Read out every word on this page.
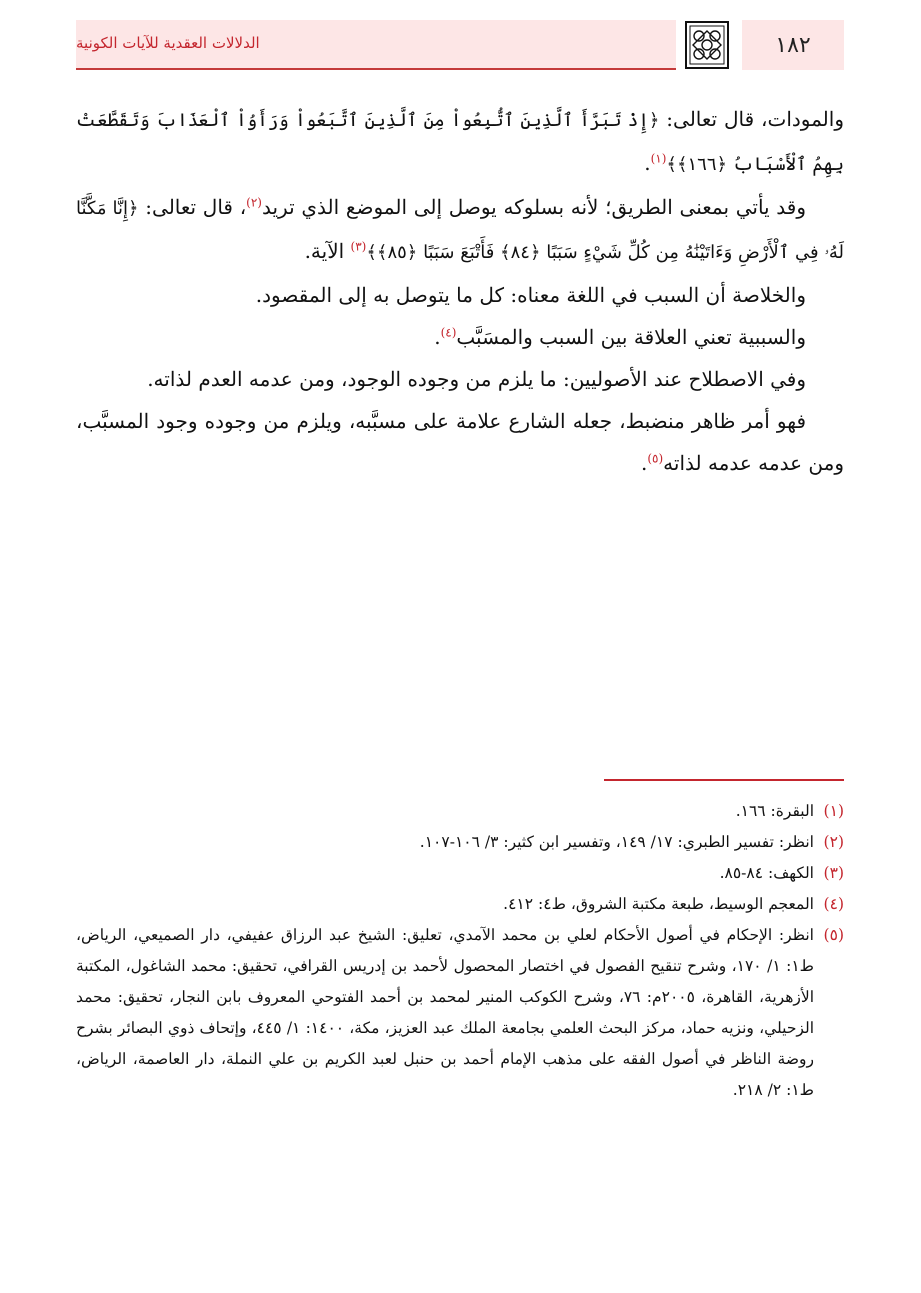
الدلالات العقدية للآيات الكونية	١٨٢

والمودات، قال تعالى: ﴿إِذْ تَبَرَّأَ ٱلَّذِينَ ٱتُّبِعُواْ مِنَ ٱلَّذِينَ ٱتَّبَعُواْ وَرَأَوُاْ ٱلْعَذَابَ وَتَقَطَّعَتْ بِهِمُ ٱلْأَسْبَابُ ﴿١٦٦﴾﴾$^{(١)}$.

وقد يأتي بمعنى الطريق؛ لأنه بسلوكه يوصل إلى الموضع الذي تريد$^{(٢)}$، قال تعالى: ﴿إِنَّا مَكَّنَّا لَهُۥ فِي ٱلْأَرْضِ وَءَاتَيْنَٰهُ مِن كُلِّ شَيْءٍ سَبَبًا ﴿٨٤﴾ فَأَتْبَعَ سَبَبًا ﴿٨٥﴾﴾$^{(٣)}$ الآية.

والخلاصة أن السبب في اللغة معناه: كل ما يتوصل به إلى المقصود.

والسببية تعني العلاقة بين السبب والمسَبَّب$^{(٤)}$.

وفي الاصطلاح عند الأصوليين: ما يلزم من وجوده الوجود، ومن عدمه العدم لذاته.

فهو أمر ظاهر منضبط، جعله الشارع علامة على مسبَّبه، ويلزم من وجوده وجود المسبَّب، ومن عدمه عدمه لذاته$^{(٥)}$.

(١)
البقرة: ١٦٦.
(٢)
انظر: تفسير الطبري: ١٧/ ١٤٩، وتفسير ابن كثير: ٣/ ١٠٦-١٠٧.
(٣)
الكهف: ٨٤-٨٥.
(٤)
المعجم الوسيط، طبعة مكتبة الشروق، ط٤: ٤١٢.
(٥)
انظر: الإحكام في أصول الأحكام لعلي بن محمد الآمدي، تعليق: الشيخ عبد الرزاق عفيفي، دار الصميعي، الرياض، ط١: ١/ ١٧٠، وشرح تنقيح الفصول في اختصار المحصول لأحمد بن إدريس القرافي، تحقيق: محمد الشاغول، المكتبة الأزهرية، القاهرة، ٢٠٠٥م: ٧٦، وشرح الكوكب المنير لمحمد بن أحمد الفتوحي المعروف بابن النجار، تحقيق: محمد الزحيلي، ونزيه حماد، مركز البحث العلمي بجامعة الملك عبد العزيز، مكة، ١٤٠٠: ١/ ٤٤٥، وإتحاف ذوي البصائر بشرح روضة الناظر في أصول الفقه على مذهب الإمام أحمد بن حنبل لعبد الكريم بن علي النملة، دار العاصمة، الرياض، ط١: ٢/ ٢١٨.
